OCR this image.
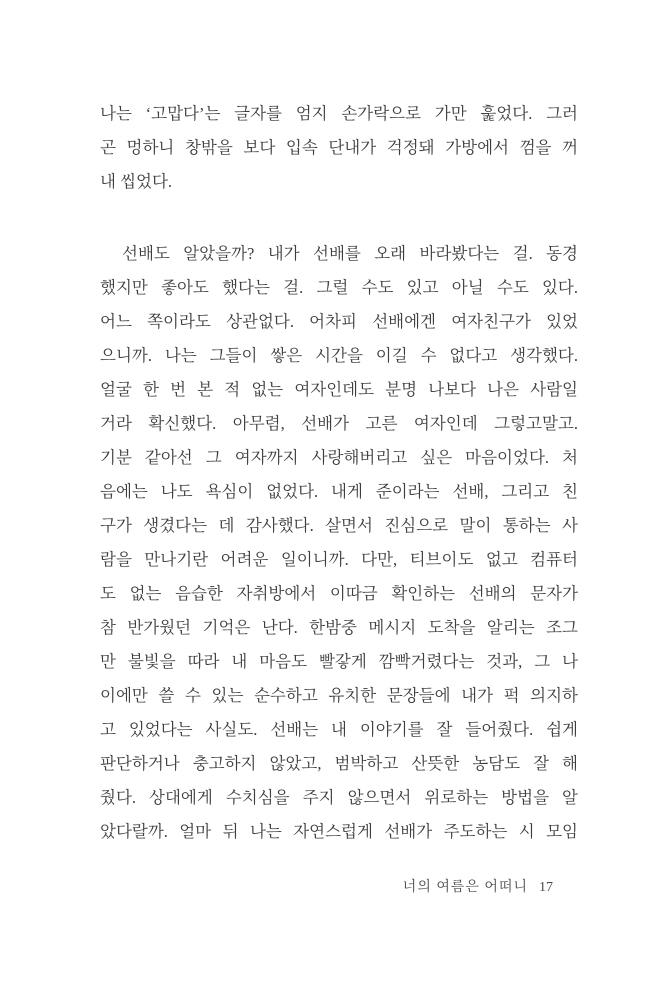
나는 ‘고맙다’는 글자를 엄지 손가락으로 가만 훑었다. 그러
곤 멍하니 창밖을 보다 입속 단내가 걱정돼 가방에서 껌을 꺼
내 씹었다.
선배도 알았을까? 내가 선배를 오래 바라봤다는 걸. 동경
했지만 좋아도 했다는 걸. 그럴 수도 있고 아닐 수도 있다.
어느 쪽이라도 상관없다. 어차피 선배에겐 여자친구가 있었
으니까. 나는 그들이 쌓은 시간을 이길 수 없다고 생각했다.
얼굴 한 번 본 적 없는 여자인데도 분명 나보다 나은 사람일
거라 확신했다. 아무렴, 선배가 고른 여자인데 그렇고말고.
기분 같아선 그 여자까지 사랑해버리고 싶은 마음이었다. 처
음에는 나도 욕심이 없었다. 내게 준이라는 선배, 그리고 친
구가 생겼다는 데 감사했다. 살면서 진심으로 말이 통하는 사
람을 만나기란 어려운 일이니까. 다만, 티브이도 없고 컴퓨터
도 없는 음습한 자취방에서 이따금 확인하는 선배의 문자가
참 반가웠던 기억은 난다. 한밤중 메시지 도착을 알리는 조그
만 불빛을 따라 내 마음도 빨갛게 깜빡거렸다는 것과, 그 나
이에만 쓸 수 있는 순수하고 유치한 문장들에 내가 퍽 의지하
고 있었다는 사실도. 선배는 내 이야기를 잘 들어줬다. 쉽게
판단하거나 충고하지 않았고, 범박하고 산뜻한 농담도 잘 해
줬다. 상대에게 수치심을 주지 않으면서 위로하는 방법을 알
았다랄까. 얼마 뒤 나는 자연스럽게 선배가 주도하는 시 모임
너의 여름은 어떠니 17
